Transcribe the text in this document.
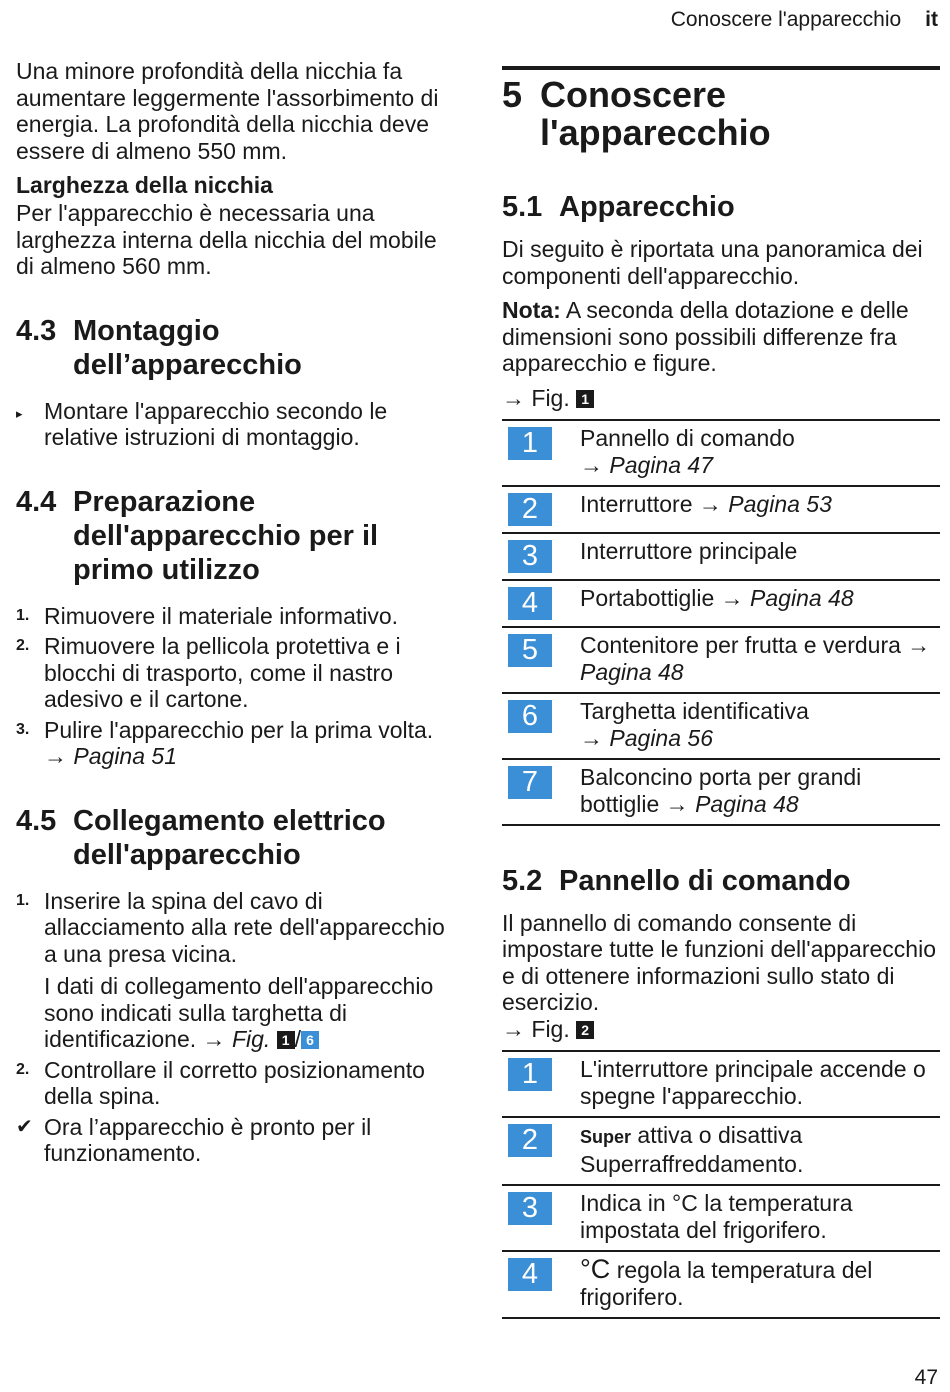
Conoscere l'apparecchio it

Una minore profondità della nicchia fa aumentare leggermente l'assorbimento di energia. La profondità della nicchia deve essere di almeno 550 mm.

Larghezza della nicchia

Per l'apparecchio è necessaria una larghezza interna della nicchia del mobile di almeno 560 mm.

4.3 Montaggio dell’apparecchio
▸ Montare l'apparecchio secondo le relative istruzioni di montaggio.
4.4 Preparazione dell'apparecchio per il primo utilizzo
1. Rimuovere il materiale informativo.
2. Rimuovere la pellicola protettiva e i blocchi di trasporto, come il nastro adesivo e il cartone.
3. Pulire l'apparecchio per la prima volta. → Pagina 51
4.5 Collegamento elettrico dell'apparecchio
1. Inserire la spina del cavo di allacciamento alla rete dell'apparecchio a una presa vicina.
I dati di collegamento dell'apparecchio sono indicati sulla targhetta di identificazione. → Fig. 1 / 6
2. Controllare il corretto posizionamento della spina.
✔ Ora l’apparecchio è pronto per il funzionamento.
5 Conoscere l'apparecchio
5.1 Apparecchio

Di seguito è riportata una panoramica dei componenti dell'apparecchio.

Nota: A seconda della dotazione e delle dimensioni sono possibili differenze fra apparecchio e figure.

→ Fig. 1
1	Pannello di comando
→ Pagina 47
2	Interruttore → Pagina 53
3	Interruttore principale
4	Portabottiglie → Pagina 48
5	Contenitore per frutta e verdura → Pagina 48
6	Targhetta identificativa
→ Pagina 56
7	Balconcino porta per grandi bottiglie → Pagina 48
5.2 Pannello di comando

Il pannello di comando consente di impostare tutte le funzioni dell'apparecchio e di ottenere informazioni sullo stato di esercizio.

→ Fig. 2
1	L'interruttore principale accende o spegne l'apparecchio.
2	Super attiva o disattiva Superraffreddamento.
3	Indica in °C la temperatura impostata del frigorifero.
4	°C regola la temperatura del frigorifero.
47
